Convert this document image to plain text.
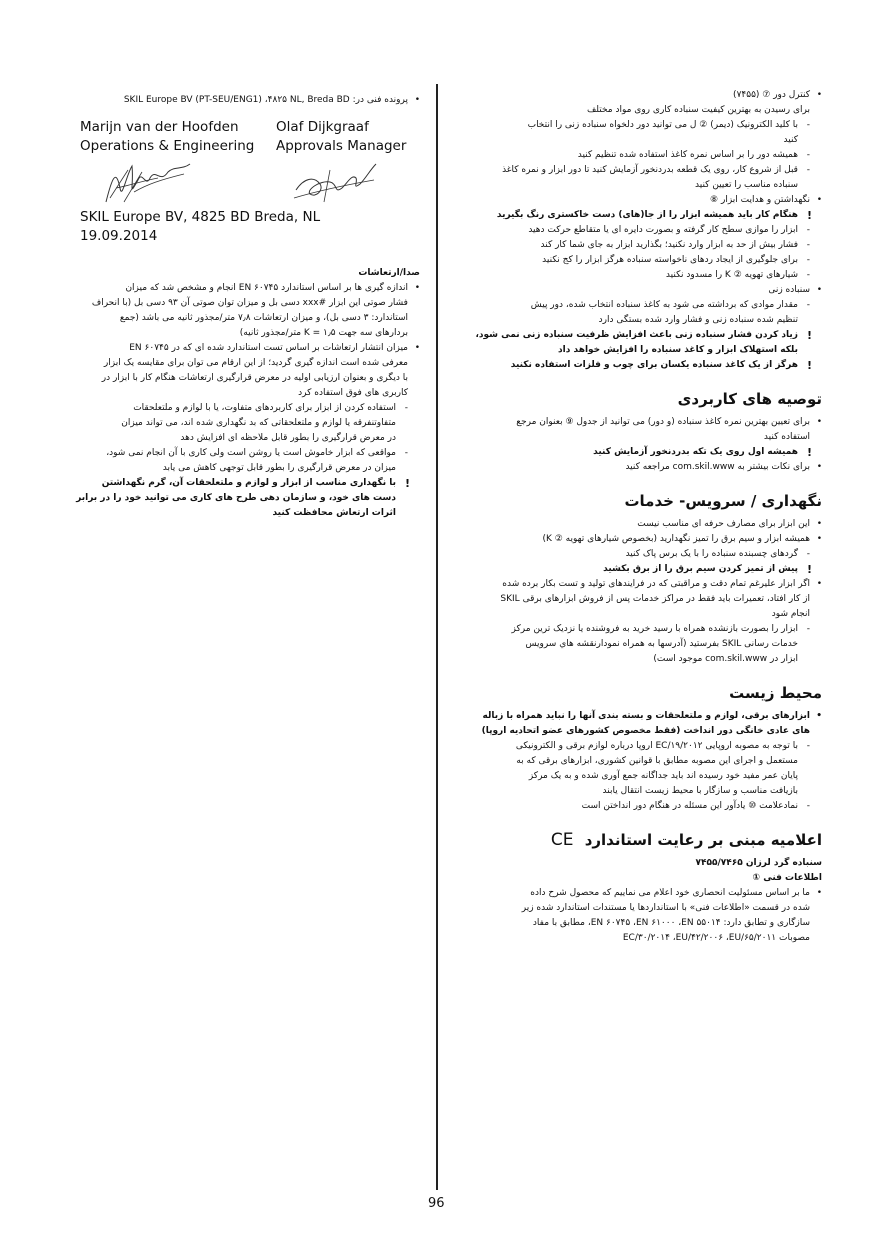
• کنترل دور ⑦ (۷۴۵۵)
برای رسیدن به بهترین کیفیت سنباده کاری روی مواد مختلف
- با کلید الکترونیک (دیمر) ② ل می توانید دور دلخواه سنباده زنی را انتخاب
کنید
- همیشه دور را بر اساس نمره کاغذ استفاده شده تنظیم کنید
- قبل از شروع کار، روی یک قطعه بدردنخور آزمایش کنید تا دور ابزار و نمره کاغذ
سنباده مناسب را تعیین کنید
• نگهداشتن و هدایت ابزار ⑧
! هنگام کار باید همیشه ابزار را از جا(های) دست خاکستری رنگ بگیرید
- ابزار را موازی سطح کار گرفته و بصورت دایره ای یا متقاطع حرکت دهید
- فشار بیش از حد به ابزار وارد نکنید؛ بگذارید ابزار به جای شما کار کند
- برای جلوگیری از ایجاد ردهای ناخواسته سنباده هرگز ابزار را کج نکنید
- شیارهای تهویه ② K را مسدود نکنید
• سنباده زنی
- مقدار موادی که برداشته می شود به کاغذ سنباده انتخاب شده، دور پیش
تنظیم شده سنباده زنی و فشار وارد شده بستگی دارد
! زیاد کردن فشار سنباده زنی باعث افزایش ظرفیت سنباده زنی نمی شود،
بلکه استهلاک ابزار و کاغذ سنباده را افزایش خواهد داد
! هرگز از یک کاغذ سنباده یکسان برای چوب و فلزات استفاده نکنید
توصیه های کاربردی
• برای تعیین بهترین نمره کاغذ سنباده (و دور) می توانید از جدول ⑨ بعنوان مرجع
استفاده کنید
! همیشه اول روی یک تکه بدردنخور آزمایش کنید
• برای نکات بیشتر به com.skil.www مراجعه کنید
نگهداری / سرویس- خدمات
• این ابزار برای مصارف حرفه ای مناسب نیست
• همیشه ابزار و سیم برق را تمیز نگهدارید (بخصوص شیارهای تهویه ② K)
- گردهای چسبنده سنباده را با یک برس پاک کنید
! پیش از تمیز کردن سیم برق را از برق بکشید
• اگر ابزار علیرغم تمام دقت و مراقبتی که در فرایندهای تولید و تست بکار برده شده
از کار افتاد، تعمیرات باید فقط در مراکز خدمات پس از فروش ابزارهای برقی SKIL
انجام شود
- ابزار را بصورت بازنشده همراه با رسید خرید به فروشنده یا نزدیک ترین مرکز
خدمات رسانی SKIL بفرستید (آدرسها به همراه نمودارنقشه هاي سرويس
ابزار در com.skil.www موجود است)
محیط زیست
• ابزارهای برقی، لوازم و ملتعلحقات و بسته بندی آنها را نباید همراه با زباله
های عادی خانگی دور انداخت (فقط مخصوص کشورهای عضو اتحادیه اروپا)
- با توجه به مصوبه اروپایی EC/۱۹/۲۰۱۲ اروپا درباره لوازم برقی و الکترونیکی
مستعمل و اجرای این مصوبه مطابق با قوانین کشوری، ابزارهای برقی که به
پایان عمر مفید خود رسیده اند باید جداگانه جمع آوری شده و به یک مرکز
بازیافت مناسب و سازگار با محیط زیست انتقال یابند
- نمادعلامت ⑩ یادآور این مسئله در هنگام دور انداختن است
اعلامیه مبنی بر رعایت استاندارد CE
سنباده گرد لرزان ۷۴۵۵/۷۴۶۵
اطلاعات فنی ①
• ما بر اساس مسئولیت انحصاری خود اعلام می نماییم که محصول شرح داده
شده در قسمت «اطلاعات فنی» با استانداردها یا مستندات استاندارد شده زیر
سازگاری و تطابق دارد: EN ۶۰۷۴۵ ،EN ۶۱۰۰۰ ،EN ۵۵۰۱۴، مطابق با مفاد
مصوبات EC/۳۰/۲۰۱۴ ،EU/۴۲/۲۰۰۶ ،EU/۶۵/۲۰۱۱
• پرونده فنی در: SKIL Europe BV (PT-SEU/ENG1) ،۴۸۲۵ NL, Breda BD
Marijn van der Hoofden
Operations & Engineering
Olaf Dijkgraaf
Approvals Manager
SKIL Europe BV, 4825 BD Breda, NL
19.09.2014
صدا/ارتعاشات
• اندازه گیری ها بر اساس استاندارد EN ۶۰۷۴۵ انجام و مشخص شد که میزان
فشار صوتی این ابزار #xxx دسی بل و میزان توان صوتی آن ۹۳ دسی بل (با انحراف
استاندارد: ۳ دسی بل)، و میزان ارتعاشات ۷٫۸ متر/مجذور ثانیه می باشد (جمع
بردارهای سه جهت K = ۱٫۵ متر/مجذور ثانیه)
• میزان انتشار ارتعاشات بر اساس تست استاندارد شده ای که در EN ۶۰۷۴۵
معرفی شده است اندازه گیری گردید؛ از این ارقام می توان برای مقایسه یک ابزار
با دیگری و بعنوان ارزیابی اولیه در معرض قرارگیری ارتعاشات هنگام کار با ابزار در
کاربری های فوق استفاده کرد
- استفاده کردن از ابزار برای کاربردهای متفاوت، یا با لوازم و ملتعلحقات
متفاوتنفرقه یا لوازم و ملتعلحقاتی که بد نگهداری شده اند، می تواند میزان
در معرض قرارگیری را بطور قابل ملاحظه ای افزایش دهد
- مواقعی که ابزار خاموش است یا روشن است ولی کاری با آن انجام نمی شود،
میزان در معرض قرارگیری را بطور قابل توجهی کاهش می یابد
! با نگهداری مناسب از ابزار و لوازم و ملتعلحقات آن، گرم نگهداشتن
دست های خود، و سازمان دهی طرح های کاری می توانید خود را در برابر
اثرات ارتعاش محافظت کنید
96
